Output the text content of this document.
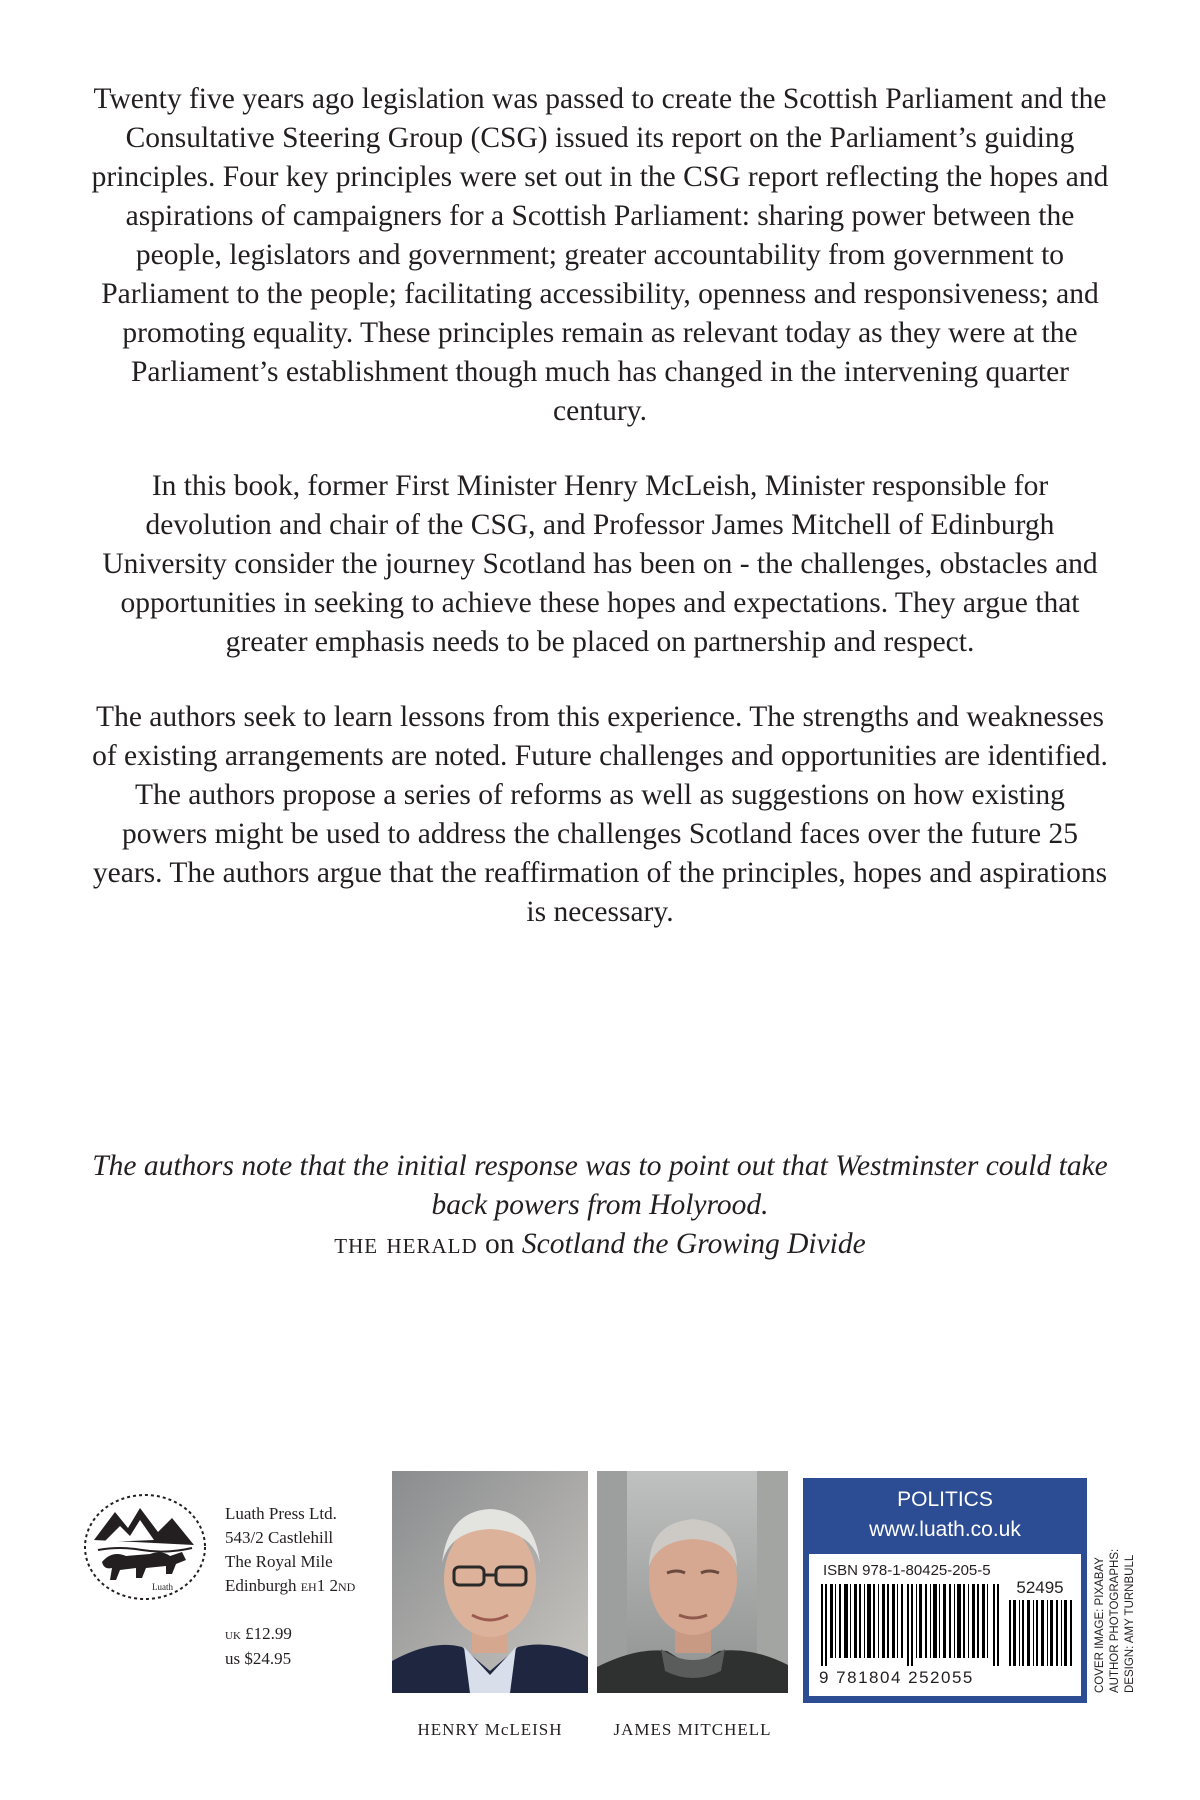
Twenty five years ago legislation was passed to create the Scottish Parliament and the Consultative Steering Group (CSG) issued its report on the Parliament’s guiding principles. Four key principles were set out in the CSG report reflecting the hopes and aspirations of campaigners for a Scottish Parliament: sharing power between the people, legislators and government; greater accountability from government to Parliament to the people; facilitating accessibility, openness and responsiveness; and promoting equality. These principles remain as relevant today as they were at the Parliament’s establishment though much has changed in the intervening quarter century.

In this book, former First Minister Henry McLeish, Minister responsible for devolution and chair of the CSG, and Professor James Mitchell of Edinburgh University consider the journey Scotland has been on - the challenges, obstacles and opportunities in seeking to achieve these hopes and expectations. They argue that greater emphasis needs to be placed on partnership and respect.

The authors seek to learn lessons from this experience. The strengths and weaknesses of existing arrangements are noted. Future challenges and opportunities are identified. The authors propose a series of reforms as well as suggestions on how existing powers might be used to address the challenges Scotland faces over the future 25 years. The authors argue that the reaffirmation of the principles, hopes and aspirations is necessary.

The authors note that the initial response was to point out that Westminster could take back powers from Holyrood.
the herald on Scotland the Growing Divide
Luath
Luath Press Ltd.
543/2 Castlehill
The Royal Mile
Edinburgh eh1 2nd
uk £12.99
us $24.95
HENRY McLEISH	JAMES MITCHELL
POLITICS
www.luath.co.uk
ISBN 978-1-80425-205-5
52495
9 781804 252055	COVER IMAGE: PIXABAY AUTHOR PHOTOGRAPHS: DESIGN: AMY TURNBULL
